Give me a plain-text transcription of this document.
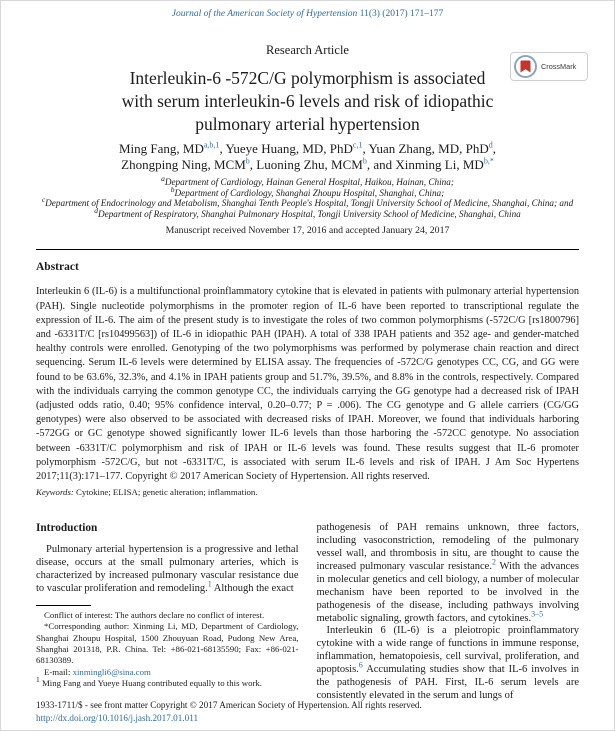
Journal of the American Society of Hypertension 11(3) (2017) 171–177
Research Article
Interleukin-6 -572C/G polymorphism is associated
with serum interleukin-6 levels and risk of idiopathic
pulmonary arterial hypertension
Ming Fang, MD$^{a,b,1}$, Yueye Huang, MD, PhD$^{c,1}$, Yuan Zhang, MD, PhD$^d$,
Zhongping Ning, MCM$^b$, Luoning Zhu, MCM$^b$, and Xinming Li, $MD^{b,*}$
$^a$Department of Cardiology, Hainan General Hospital, Haikou, Hainan, China;
$^b$Department of Cardiology, Shanghai Zhoupu Hospital, Shanghai, China;
$^c$Department of Endocrinology and Metabolism, Shanghai Tenth People's Hospital, Tongji University School of Medicine, Shanghai, China; and
$^d$Department of Respiratory, Shanghai Pulmonary Hospital, Tongji University School of Medicine, Shanghai, China
Manuscript received November 17, 2016 and accepted January 24, 2017
Abstract
Interleukin 6 (IL-6) is a multifunctional proinflammatory cytokine that is elevated in patients with pulmonary arterial hypertension (PAH). Single nucleotide polymorphisms in the promoter region of IL-6 have been reported to transcriptional regulate the expression of IL-6. The aim of the present study is to investigate the roles of two common polymorphisms (-572C/G [rs1800796] and -6331T/C [rs10499563]) of IL-6 in idiopathic PAH (IPAH). A total of 338 IPAH patients and 352 age- and gender-matched healthy controls were enrolled. Genotyping of the two polymorphisms was performed by polymerase chain reaction and direct sequencing. Serum IL-6 levels were determined by ELISA assay. The frequencies of -572C/G genotypes CC, CG, and GG were found to be 63.6%, 32.3%, and 4.1% in IPAH patients group and 51.7%, 39.5%, and 8.8% in the controls, respectively. Compared with the individuals carrying the common genotype CC, the individuals carrying the GG genotype had a decreased risk of IPAH (adjusted odds ratio, 0.40; 95% confidence interval, 0.20–0.77; P = .006). The CG genotype and G allele carriers (CG/GG genotypes) were also observed to be associated with decreased risks of IPAH. Moreover, we found that individuals harboring -572GG or GC genotype showed significantly lower IL-6 levels than those harboring the -572CC genotype. No association between -6331T/C polymorphism and risk of IPAH or IL-6 levels was found. These results suggest that IL-6 promoter polymorphism -572C/G, but not -6331T/C, is associated with serum IL-6 levels and risk of IPAH. J Am Soc Hypertens 2017;11(3):171–177. Copyright © 2017 American Society of Hypertension. All rights reserved.
Keywords: Cytokine; ELISA; genetic alteration; inflammation.
Introduction

Pulmonary arterial hypertension is a progressive and lethal disease, occurs at the small pulmonary arteries, which is characterized by increased pulmonary vascular resistance due to vascular proliferation and remodeling.$^1$ Although the exact

Conflict of interest: The authors declare no conflict of interest.

*Corresponding author: Xinming Li, MD, Department of Cardiology, Shanghai Zhoupu Hospital, 1500 Zhouyuan Road, Pudong New Area, Shanghai 201318, P.R. China. Tel: +86-021-68135590; Fax: +86-021-68130389.

E-mail: xinmingli6@sina.com

$^1$ Ming Fang and Yueye Huang contributed equally to this work.

pathogenesis of PAH remains unknown, three factors, including vasoconstriction, remodeling of the pulmonary vessel wall, and thrombosis in situ, are thought to cause the increased pulmonary vascular resistance.$^2$ With the advances in molecular genetics and cell biology, a number of molecular mechanism have been reported to be involved in the pathogenesis of the disease, including pathways involving metabolic signaling, growth factors, and cytokines.$^{3-5}$

Interleukin 6 (IL-6) is a pleiotropic proinflammatory cytokine with a wide range of functions in immune response, inflammation, hematopoiesis, cell survival, proliferation, and apoptosis.$^6$ Accumulating studies show that IL-6 involves in the pathogenesis of PAH. First, IL-6 serum levels are consistently elevated in the serum and lungs of

CrossMark
1933-1711/$ - see front matter Copyright © 2017 American Society of Hypertension. All rights reserved.
http://dx.doi.org/10.1016/j.jash.2017.01.011
